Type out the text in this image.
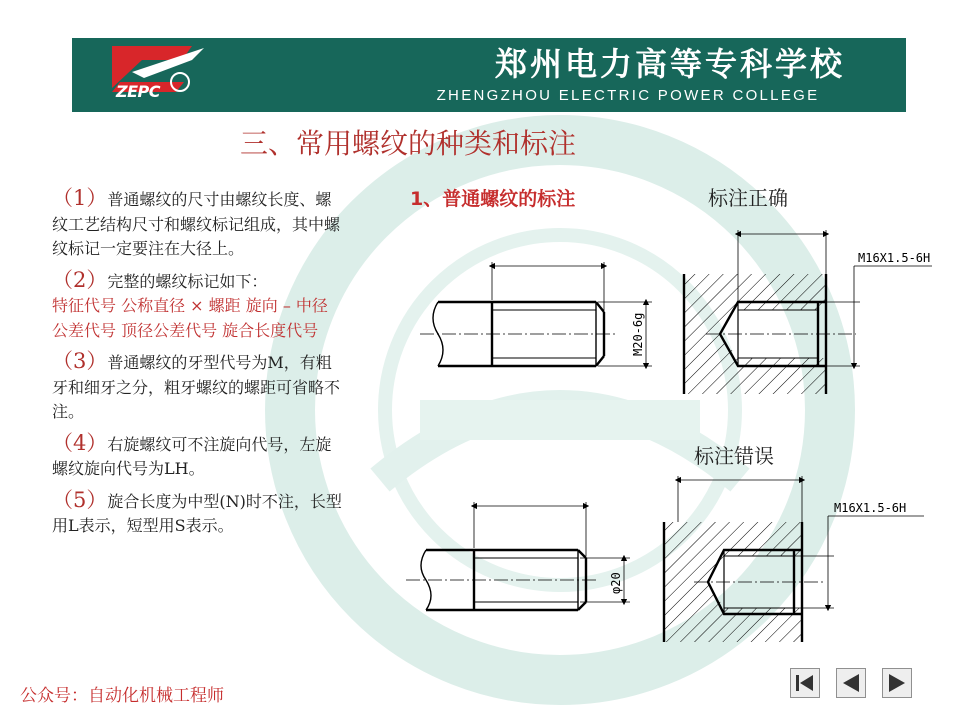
ZEPC
郑州电力高等专科学校
ZHENGZHOU ELECTRIC POWER COLLEGE
三、常用螺纹的种类和标注

（1）普通螺纹的尺寸由螺纹长度、螺纹工艺结构尺寸和螺纹标记组成，其中螺纹标记一定要注在大径上。

（2）完整的螺纹标记如下：
特征代号 公称直径 × 螺距 旋向 – 中径公差代号 顶径公差代号 旋合长度代号

（3）普通螺纹的牙型代号为M，有粗牙和细牙之分，粗牙螺纹的螺距可省略不注。

（4）右旋螺纹可不注旋向代号，左旋螺纹旋向代号为LH。

（5）旋合长度为中型(N)时不注，长型用L表示，短型用S表示。

1、普通螺纹的标注	标注正确
标注错误
M20-6g
M16X1.5-6H
φ20
M16X1.5-6H
公众号：自动化机械工程师
